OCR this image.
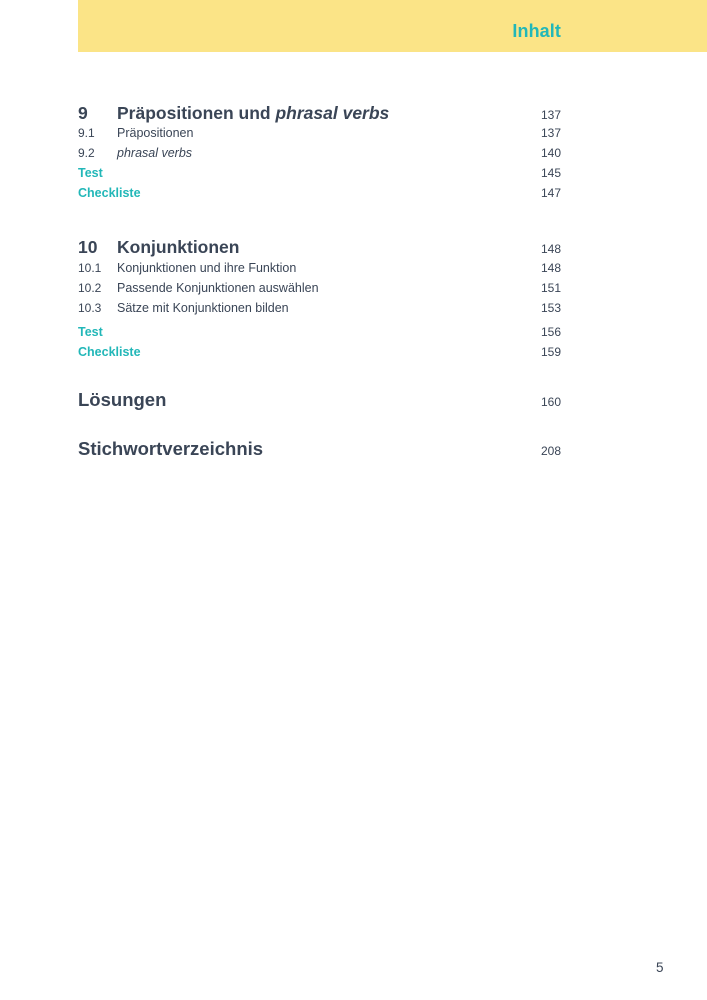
Inhalt
9 Präpositionen und phrasal verbs	137
9.1 Präpositionen	137
9.2 phrasal verbs	140
Test	145
Checkliste	147
10 Konjunktionen	148
10.1 Konjunktionen und ihre Funktion	148
10.2 Passende Konjunktionen auswählen	151
10.3 Sätze mit Konjunktionen bilden	153
Test	156
Checkliste	159
Lösungen	160
Stichwortverzeichnis	208
5
